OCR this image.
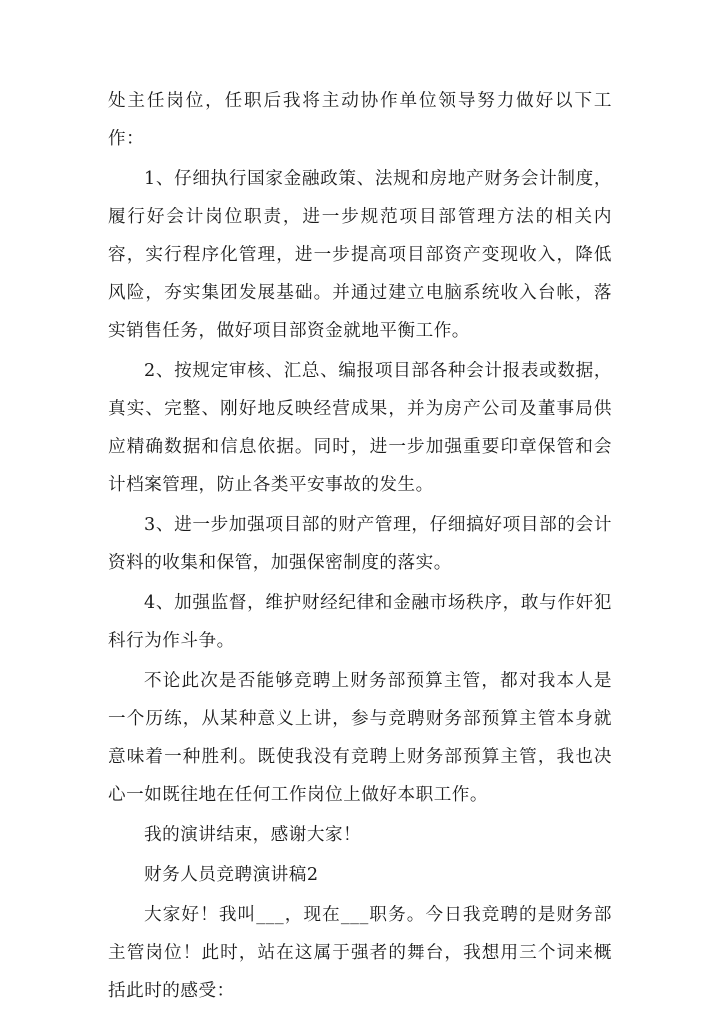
处主任岗位，任职后我将主动协作单位领导努力做好以下工作：

1、仔细执行国家金融政策、法规和房地产财务会计制度，履行好会计岗位职责，进一步规范项目部管理方法的相关内容，实行程序化管理，进一步提高项目部资产变现收入，降低风险，夯实集团发展基础。并通过建立电脑系统收入台帐，落实销售任务，做好项目部资金就地平衡工作。

2、按规定审核、汇总、编报项目部各种会计报表或数据，真实、完整、刚好地反映经营成果，并为房产公司及董事局供应精确数据和信息依据。同时，进一步加强重要印章保管和会计档案管理，防止各类平安事故的发生。

3、进一步加强项目部的财产管理，仔细搞好项目部的会计资料的收集和保管，加强保密制度的落实。

4、加强监督，维护财经纪律和金融市场秩序，敢与作奸犯科行为作斗争。

不论此次是否能够竞聘上财务部预算主管，都对我本人是一个历练，从某种意义上讲，参与竞聘财务部预算主管本身就意味着一种胜利。既使我没有竞聘上财务部预算主管，我也决心一如既往地在任何工作岗位上做好本职工作。

我的演讲结束，感谢大家！

财务人员竞聘演讲稿2

大家好！我叫___，现在___职务。今日我竞聘的是财务部主管岗位！此时，站在这属于强者的舞台，我想用三个词来概括此时的感受：
